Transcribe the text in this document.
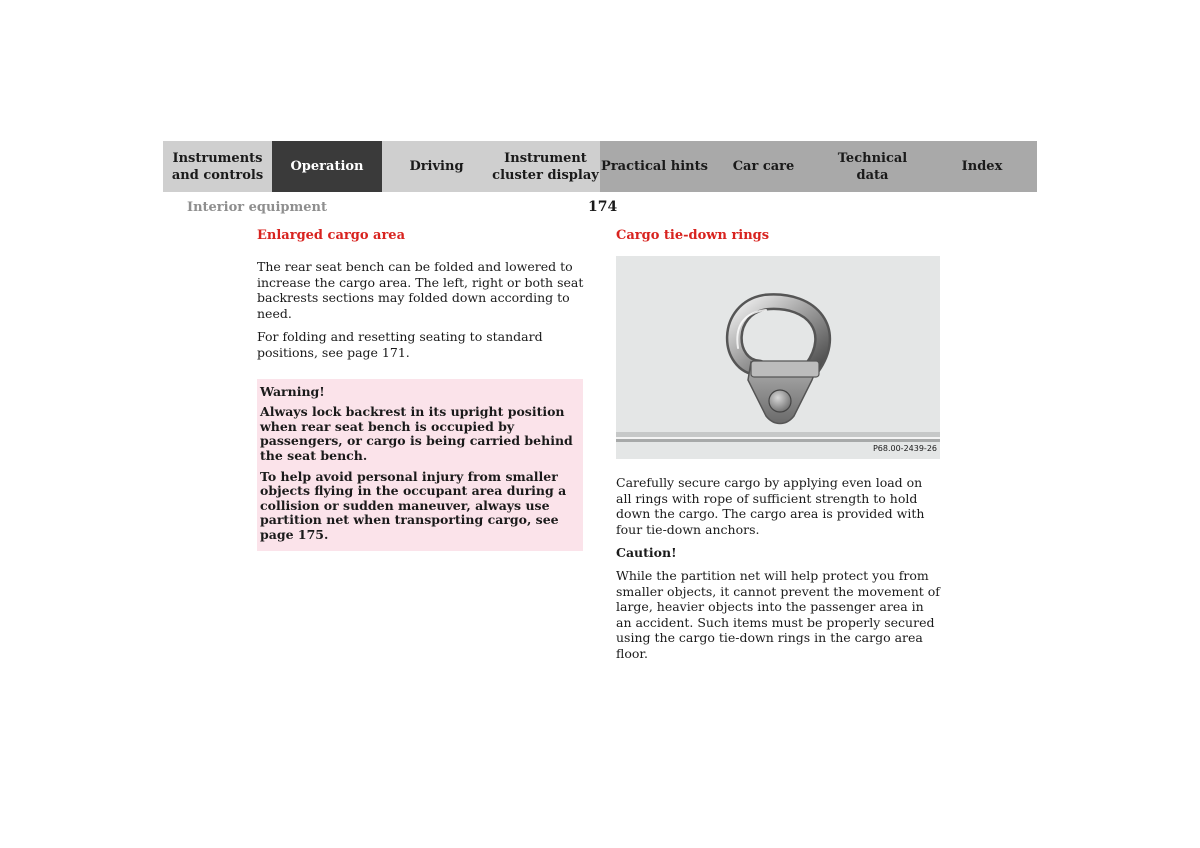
Instruments
and controls
Operation	Driving
Instrument
cluster display
Practical hints	Car care
Technical
data
Index
Interior equipment	174

Enlarged cargo area

The rear seat bench can be folded and lowered to increase the cargo area. The left, right or both seat backrests sections may folded down according to need.

For folding and resetting seating to standard positions, see page 171.

Warning!

Always lock backrest in its upright position when rear seat bench is occupied by passengers, or cargo is being carried behind the seat bench.

To help avoid personal injury from smaller objects flying in the occupant area during a collision or sudden maneuver, always use partition net when transporting cargo, see page 175.

Cargo tie-down rings

P68.00-2439-26

Carefully secure cargo by applying even load on all rings with rope of sufficient strength to hold down the cargo. The cargo area is provided with four tie-down anchors.

Caution!

While the partition net will help protect you from smaller objects, it cannot prevent the movement of large, heavier objects into the passenger area in an accident. Such items must be properly secured using the cargo tie-down rings in the cargo area floor.
